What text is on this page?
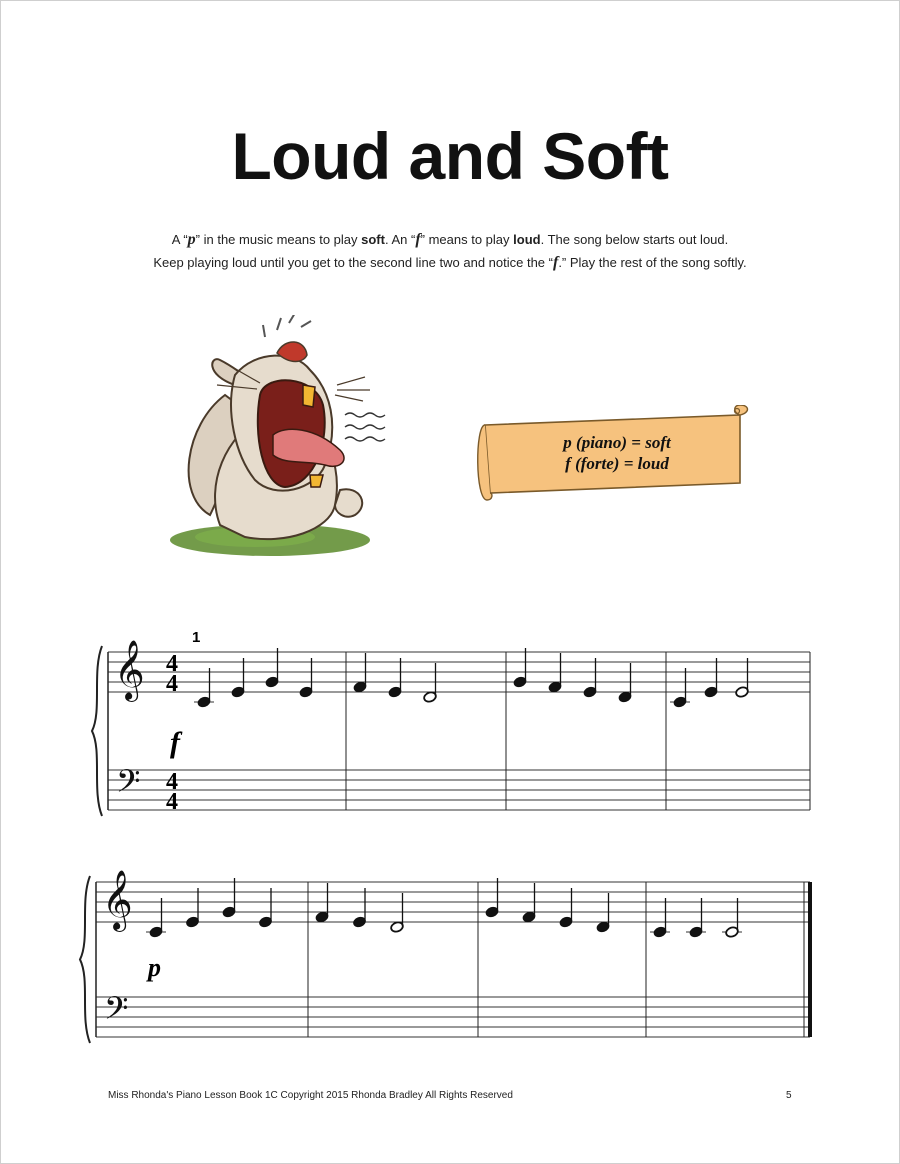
Loud and Soft
A “p” in the music means to play soft. An “f” means to play loud. The song below starts out loud.
Keep playing loud until you get to the second line two and notice the “f.” Play the rest of the song softly.
p (piano) = soft
f (forte) = loud
𝄞
𝄢
4
4
4
4
1
f
𝄞
𝄢
p
Miss Rhonda's Piano Lesson Book 1C Copyright 2015 Rhonda Bradley All Rights Reserved	5
